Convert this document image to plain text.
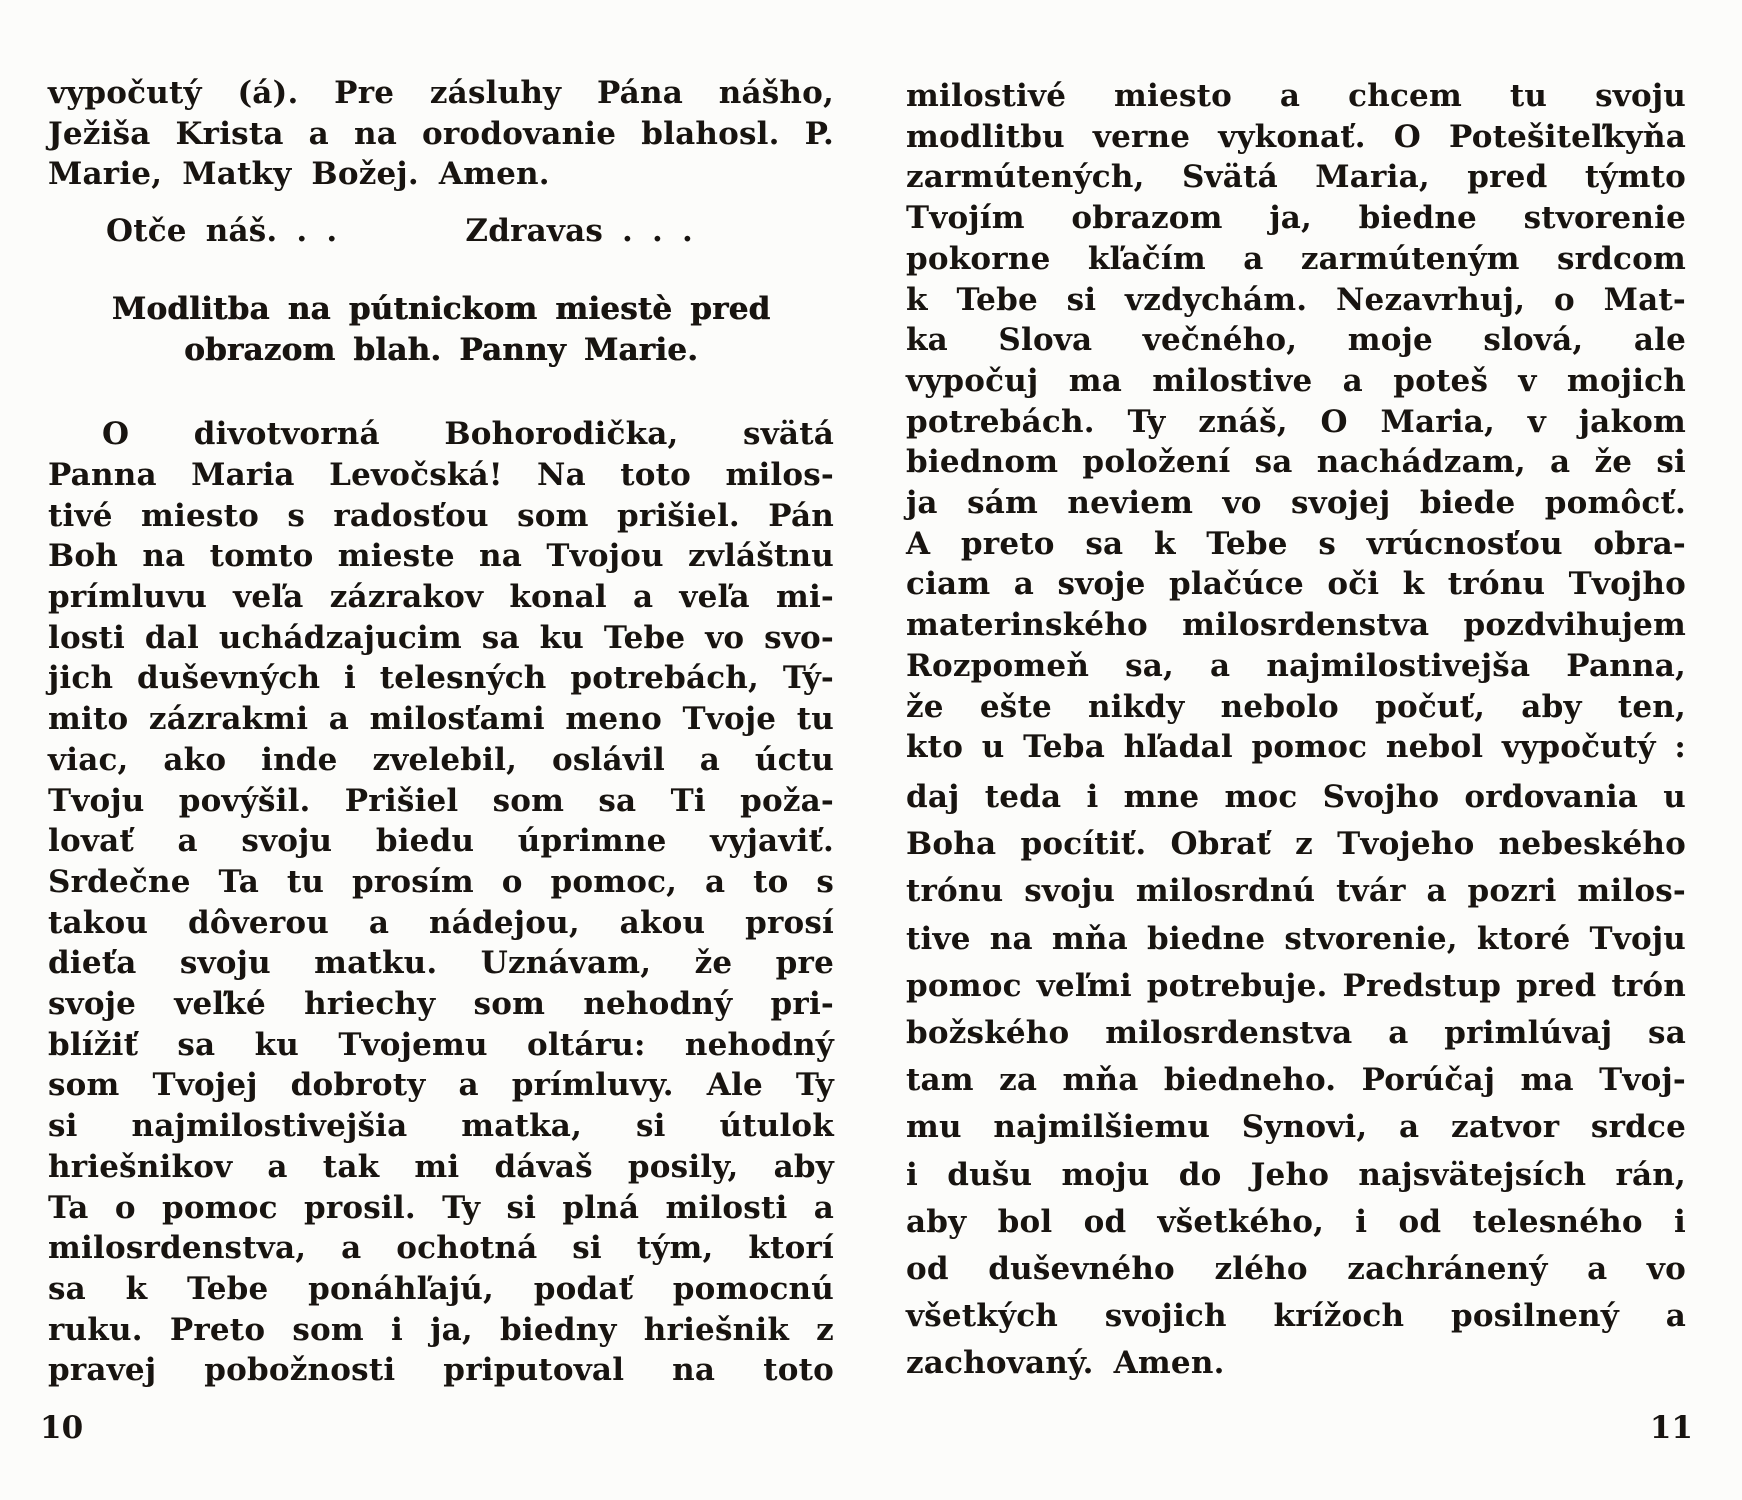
vypočutý (á). Pre zásluhy Pána nášho,
Ježiša Krista a na orodovanie blahosl. P.
Marie, Matky Božej. Amen.
Otče náš. . .	Zdravas . . .
Modlitba na pútnickom miestè pred
obrazom blah. Panny Marie.
O divotvorná Bohorodička, svätá
Panna Maria Levočská! Na toto milos-
tivé miesto s radosťou som prišiel. Pán
Boh na tomto mieste na Tvojou zvláštnu
prímluvu veľa zázrakov konal a veľa mi-
losti dal uchádzajucim sa ku Tebe vo svo-
jich duševných i telesných potrebách, Tý-
mito zázrakmi a milosťami meno Tvoje tu
viac, ako inde zvelebil, oslávil a úctu
Tvoju povýšil. Prišiel som sa Ti poža-
lovať a svoju biedu úprimne vyjaviť.
Srdečne Ta tu prosím o pomoc, a to s
takou dôverou a nádejou, akou prosí
dieťa svoju matku. Uznávam, že pre
svoje veľké hriechy som nehodný pri-
blížiť sa ku Tvojemu oltáru: nehodný
som Tvojej dobroty a prímluvy. Ale Ty
si najmilostivejšia matka, si útulok
hriešnikov a tak mi dávaš posily, aby
Ta o pomoc prosil. Ty si plná milosti a
milosrdenstva, a ochotná si tým, ktorí
sa k Tebe ponáhľajú, podať pomocnú
ruku. Preto som i ja, biedny hriešnik z
pravej pobožnosti priputoval na toto
milostivé miesto a chcem tu svoju
modlitbu verne vykonať. O Potešiteľkyňa
zarmútených, Svätá Maria, pred týmto
Tvojím obrazom ja, biedne stvorenie
pokorne kľačím a zarmúteným srdcom
k Tebe si vzdychám. Nezavrhuj, o Mat-
ka Slova večného, moje slová, ale
vypočuj ma milostive a poteš v mojich
potrebách. Ty znáš, O Maria, v jakom
biednom položení sa nachádzam, a že si
ja sám neviem vo svojej biede pomôcť.
A preto sa k Tebe s vrúcnosťou obra-
ciam a svoje plačúce oči k trónu Tvojho
materinského milosrdenstva pozdvihujem
Rozpomeň sa, a najmilostivejša Panna,
že ešte nikdy nebolo počuť, aby ten,
kto u Teba hľadal pomoc nebol vypočutý :
daj teda i mne moc Svojho ordovania u
Boha pocítiť. Obrať z Tvojeho nebeského
trónu svoju milosrdnú tvár a pozri milos-
tive na mňa biedne stvorenie, ktoré Tvoju
pomoc veľmi potrebuje. Predstup pred trón
božského milosrdenstva a primlúvaj sa
tam za mňa biedneho. Porúčaj ma Tvoj-
mu najmilšiemu Synovi, a zatvor srdce
i dušu moju do Jeho najsvätejsích rán,
aby bol od všetkého, i od telesného i
od duševného zlého zachránený a vo
všetkých svojich krížoch posilnený a
zachovaný. Amen.
10	11
